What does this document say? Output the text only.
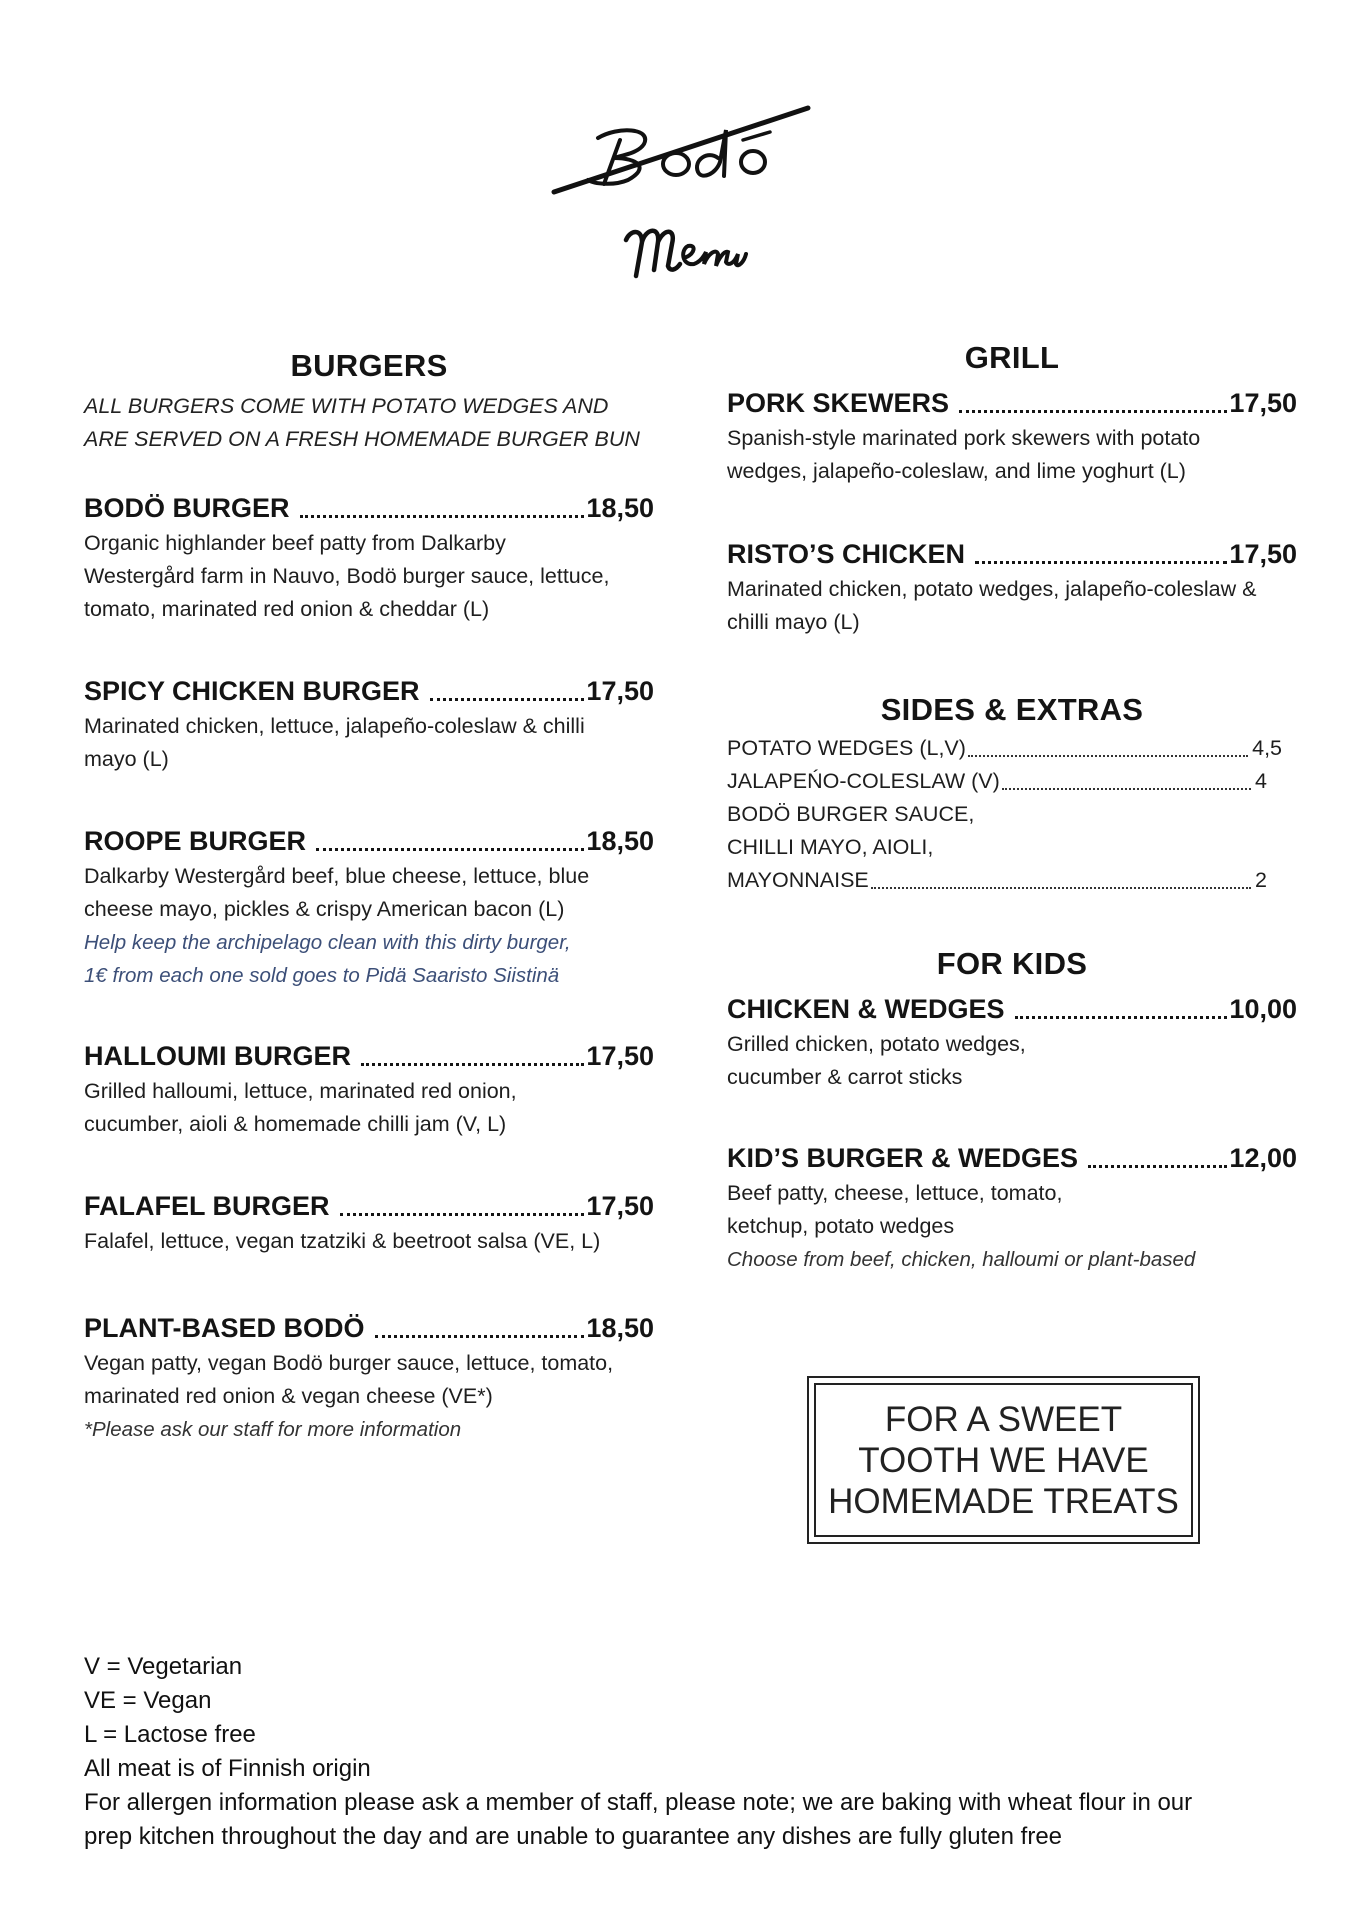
BURGERS
ALL BURGERS COME WITH POTATO WEDGES AND
ARE SERVED ON A FRESH HOMEMADE BURGER BUN
BODÖ BURGER	18,50
Organic highlander beef patty from Dalkarby
Westergård farm in Nauvo, Bodö burger sauce, lettuce,
tomato, marinated red onion & cheddar (L)
SPICY CHICKEN BURGER	17,50
Marinated chicken, lettuce, jalapeño-coleslaw & chilli
mayo (L)
ROOPE BURGER	18,50
Dalkarby Westergård beef, blue cheese, lettuce, blue
cheese mayo, pickles & crispy American bacon (L)
Help keep the archipelago clean with this dirty burger,
1€ from each one sold goes to Pidä Saaristo Siistinä
HALLOUMI BURGER	17,50
Grilled halloumi, lettuce, marinated red onion,
cucumber, aioli & homemade chilli jam (V, L)
FALAFEL BURGER	17,50
Falafel, lettuce, vegan tzatziki & beetroot salsa (VE, L)
PLANT-BASED BODÖ	18,50
Vegan patty, vegan Bodö burger sauce, lettuce, tomato,
marinated red onion & vegan cheese (VE*)
*Please ask our staff for more information
GRILL
PORK SKEWERS	17,50
Spanish-style marinated pork skewers with potato
wedges, jalapeño-coleslaw, and lime yoghurt (L)
RISTO’S CHICKEN	17,50
Marinated chicken, potato wedges, jalapeño-coleslaw &
chilli mayo (L)
SIDES & EXTRAS
POTATO WEDGES (L,V)	4,5
JALAPEŃO-COLESLAW (V)	4
BODÖ BURGER SAUCE,
CHILLI MAYO, AIOLI,
MAYONNAISE	2
FOR KIDS
CHICKEN & WEDGES	10,00
Grilled chicken, potato wedges,
cucumber & carrot sticks
KID’S BURGER & WEDGES	12,00
Beef patty, cheese, lettuce, tomato,
ketchup, potato wedges
Choose from beef, chicken, halloumi or plant-based
FOR A SWEET
TOOTH WE HAVE
HOMEMADE TREATS
V = Vegetarian
VE = Vegan
L = Lactose free
All meat is of Finnish origin
For allergen information please ask a member of staff, please note; we are baking with wheat flour in our
prep kitchen throughout the day and are unable to guarantee any dishes are fully gluten free
